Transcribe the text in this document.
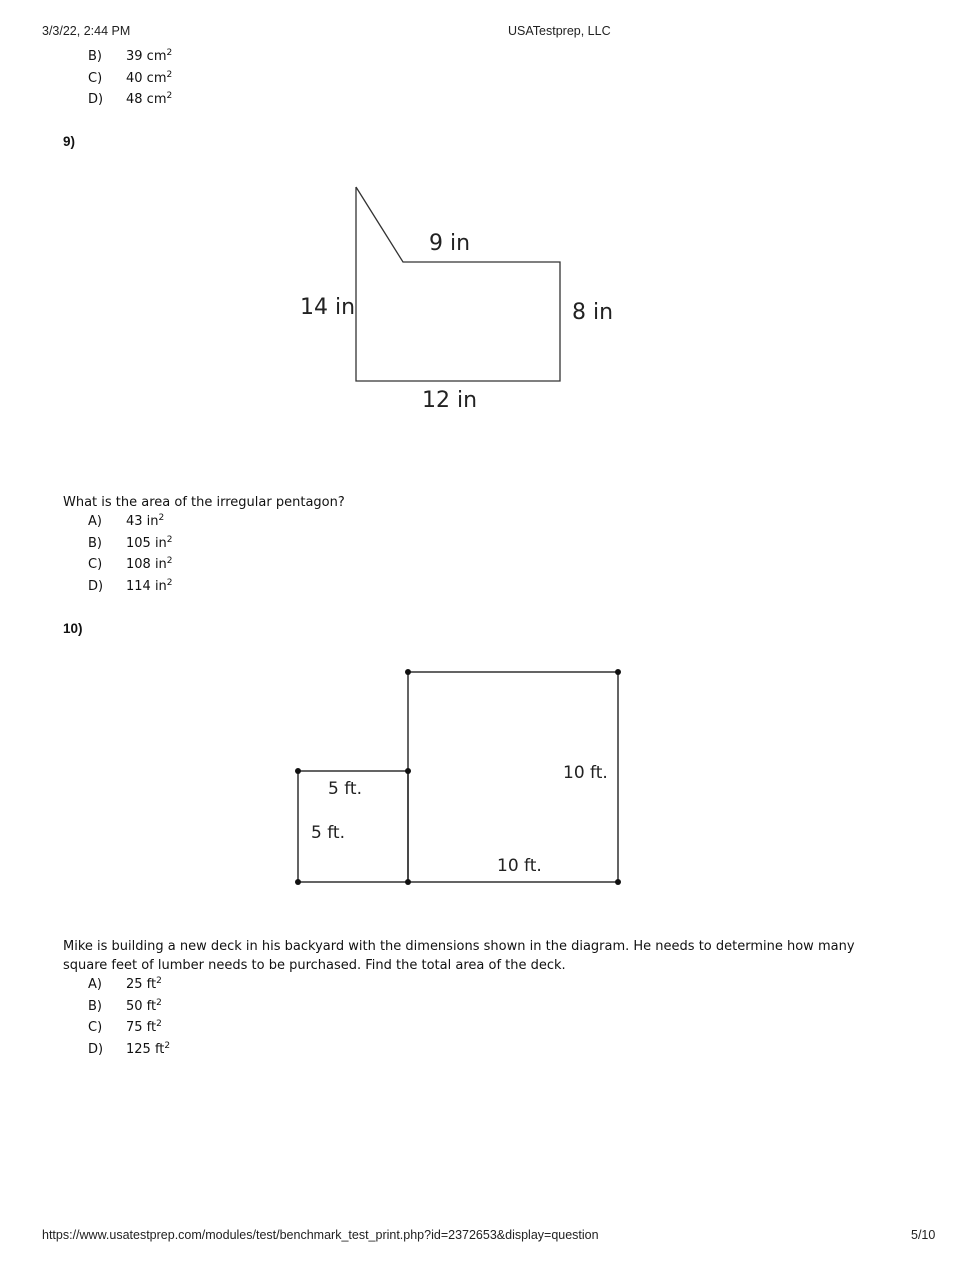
3/3/22, 2:44 PM	USATestprep, LLC
B)	39 $cm^2$
C)	40 $cm^2$
D)	48 $cm^2$
9)
9 in
14 in	8 in
12 in
What is the area of the irregular pentagon?
A)	43 $in^2$
B)	105 $in^2$
C)	108 $in^2$
D)	114 $in^2$
10)
5 ft.
5 ft.
10 ft.
10 ft.
Mike is building a new deck in his backyard with the dimensions shown in the diagram. He needs to determine how many square feet of lumber needs to be purchased. Find the total area of the deck.
A)	25 $ft^2$
B)	50 $ft^2$
C)	75 $ft^2$
D)	125 $ft^2$
https://www.usatestprep.com/modules/test/benchmark_test_print.php?id=2372653&display=question	5/10
